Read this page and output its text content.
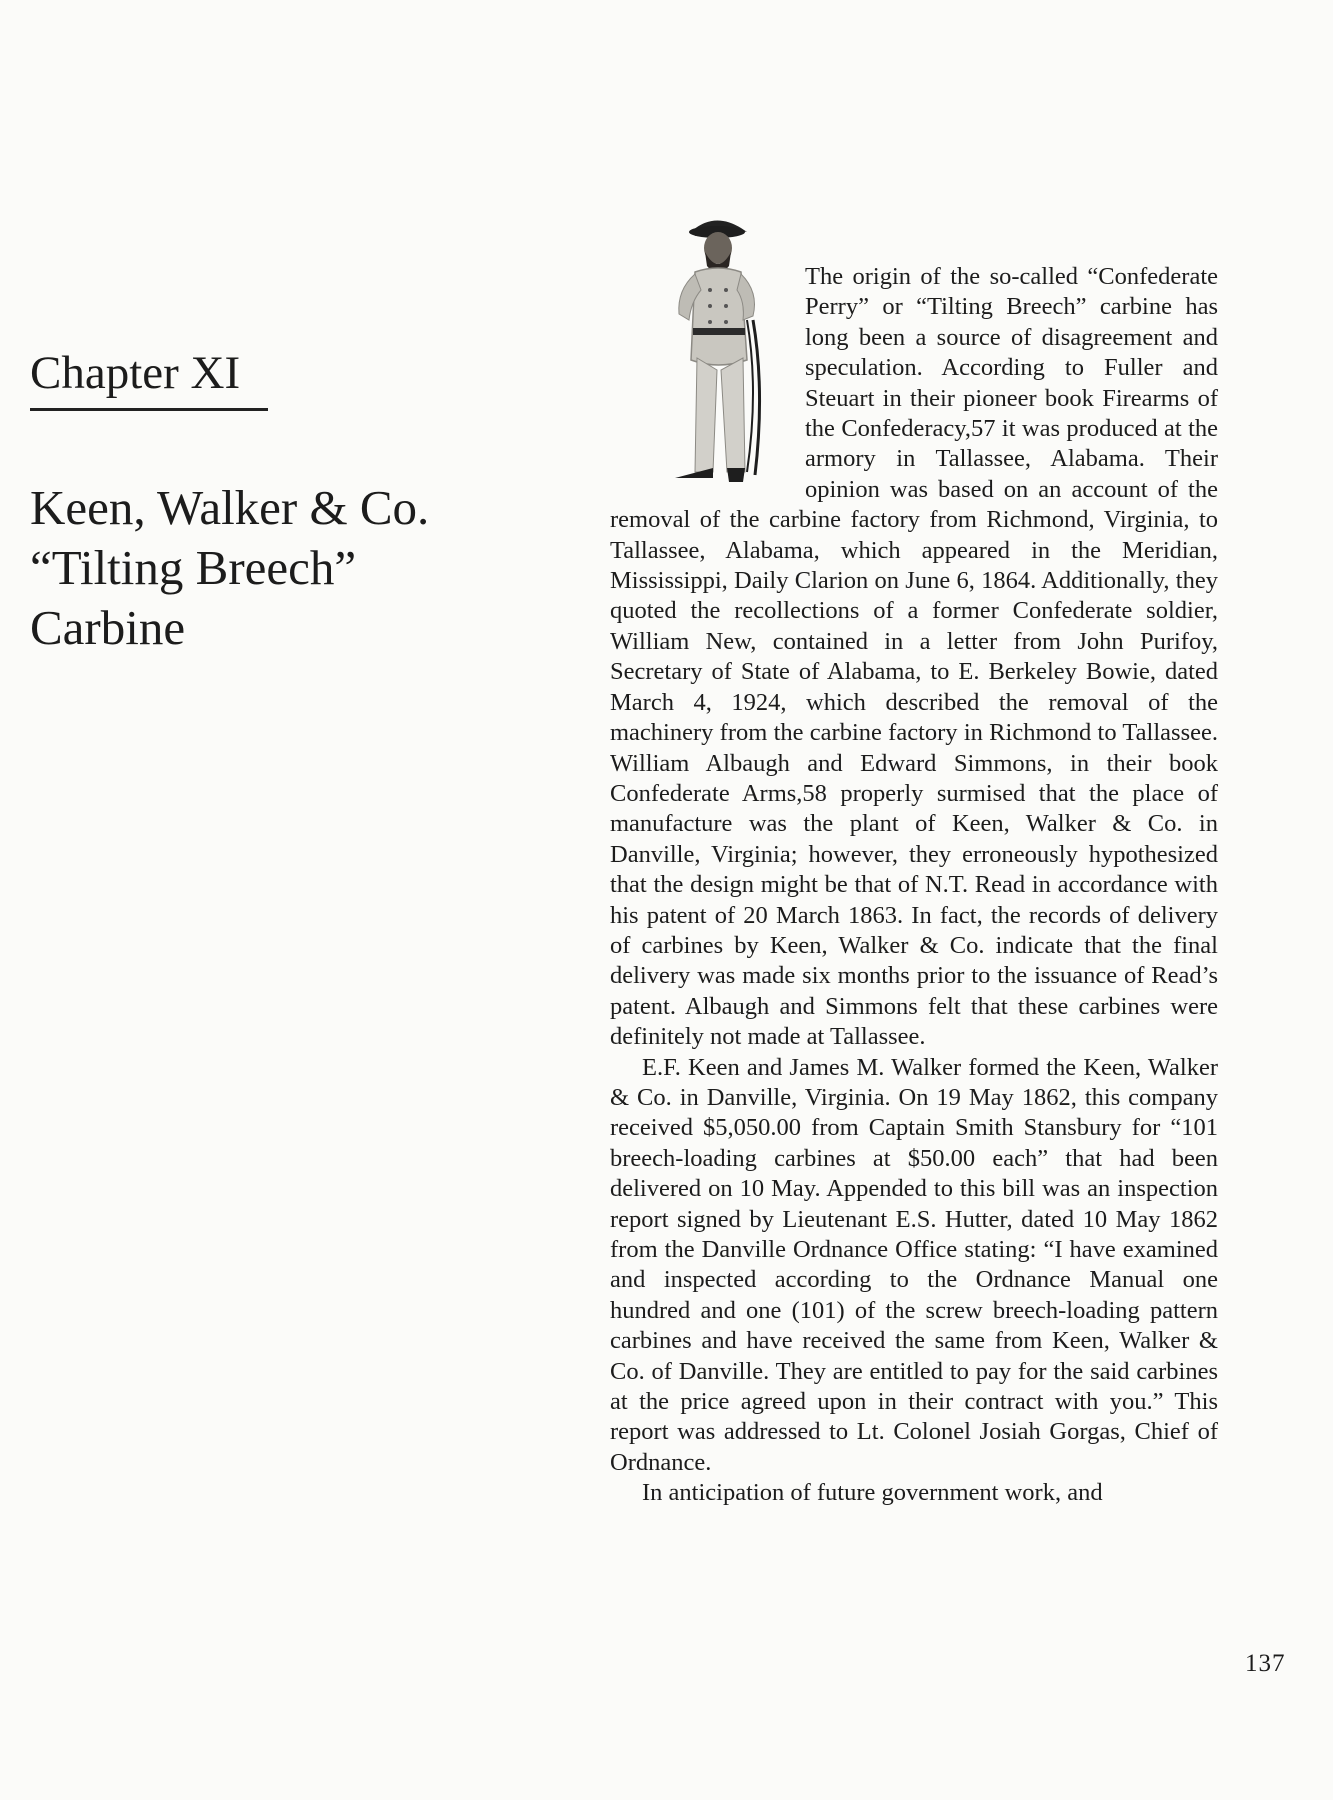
Chapter XI
Keen, Walker & Co.
“Tilting Breech”
Carbine

The origin of the so-called “Confederate Perry” or “Tilting Breech” carbine has long been a source of disagreement and speculation. According to Fuller and Steuart in their pioneer book Firearms of the Confederacy,57 it was produced at the armory in Tallassee, Alabama. Their opinion was based on an account of the removal of the carbine factory from Richmond, Virginia, to Tallassee, Alabama, which appeared in the Meridian, Mississippi, Daily Clarion on June 6, 1864. Additionally, they quoted the recollections of a former Confederate soldier, William New, contained in a letter from John Purifoy, Secretary of State of Alabama, to E. Berkeley Bowie, dated March 4, 1924, which described the removal of the machinery from the carbine factory in Richmond to Tallassee. William Albaugh and Edward Simmons, in their book Confederate Arms,58 properly surmised that the place of manufacture was the plant of Keen, Walker & Co. in Danville, Virginia; however, they erroneously hypothesized that the design might be that of N.T. Read in accordance with his patent of 20 March 1863. In fact, the records of delivery of carbines by Keen, Walker & Co. indicate that the final delivery was made six months prior to the issuance of Read’s patent. Albaugh and Simmons felt that these carbines were definitely not made at Tallassee.

E.F. Keen and James M. Walker formed the Keen, Walker & Co. in Danville, Virginia. On 19 May 1862, this company received $5,050.00 from Captain Smith Stansbury for “101 breech-loading carbines at $50.00 each” that had been delivered on 10 May. Appended to this bill was an inspection report signed by Lieutenant E.S. Hutter, dated 10 May 1862 from the Danville Ordnance Office stating: “I have examined and inspected according to the Ordnance Manual one hundred and one (101) of the screw breech-loading pattern carbines and have received the same from Keen, Walker & Co. of Danville. They are entitled to pay for the said carbines at the price agreed upon in their contract with you.” This report was addressed to Lt. Colonel Josiah Gorgas, Chief of Ordnance.

In anticipation of future government work, and

137
